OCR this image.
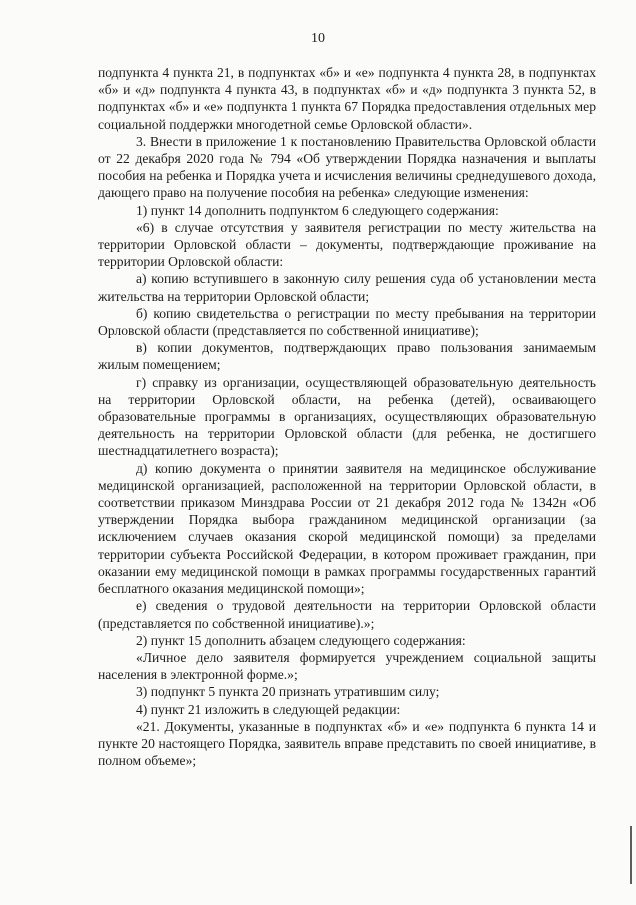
10

подпункта 4 пункта 21, в подпунктах «б» и «е» подпункта 4 пункта 28, в подпунктах «б» и «д» подпункта 4 пункта 43, в подпунктах «б» и «д» подпункта 3 пункта 52, в подпунктах «б» и «е» подпункта 1 пункта 67 Порядка предоставления отдельных мер социальной поддержки многодетной семье Орловской области».

3. Внести в приложение 1 к постановлению Правительства Орловской области от 22 декабря 2020 года № 794 «Об утверждении Порядка назначения и выплаты пособия на ребенка и Порядка учета и исчисления величины среднедушевого дохода, дающего право на получение пособия на ребенка» следующие изменения:

1) пункт 14 дополнить подпунктом 6 следующего содержания:

«6) в случае отсутствия у заявителя регистрации по месту жительства на территории Орловской области – документы, подтверждающие проживание на территории Орловской области:

а) копию вступившего в законную силу решения суда об установлении места жительства на территории Орловской области;

б) копию свидетельства о регистрации по месту пребывания на территории Орловской области (представляется по собственной инициативе);

в) копии документов, подтверждающих право пользования занимаемым жилым помещением;

г) справку из организации, осуществляющей образовательную деятельность на территории Орловской области, на ребенка (детей), осваивающего образовательные программы в организациях, осуществляющих образовательную деятельность на территории Орловской области (для ребенка, не достигшего шестнадцатилетнего возраста);

д) копию документа о принятии заявителя на медицинское обслуживание медицинской организацией, расположенной на территории Орловской области, в соответствии приказом Минздрава России от 21 декабря 2012 года № 1342н «Об утверждении Порядка выбора гражданином медицинской организации (за исключением случаев оказания скорой медицинской помощи) за пределами территории субъекта Российской Федерации, в котором проживает гражданин, при оказании ему медицинской помощи в рамках программы государственных гарантий бесплатного оказания медицинской помощи»;

е) сведения о трудовой деятельности на территории Орловской области (представляется по собственной инициативе).»;

2) пункт 15 дополнить абзацем следующего содержания:

«Личное дело заявителя формируется учреждением социальной защиты населения в электронной форме.»;

3) подпункт 5 пункта 20 признать утратившим силу;

4) пункт 21 изложить в следующей редакции:

«21. Документы, указанные в подпунктах «б» и «е» подпункта 6 пункта 14 и пункте 20 настоящего Порядка, заявитель вправе представить по своей инициативе, в полном объеме»;
